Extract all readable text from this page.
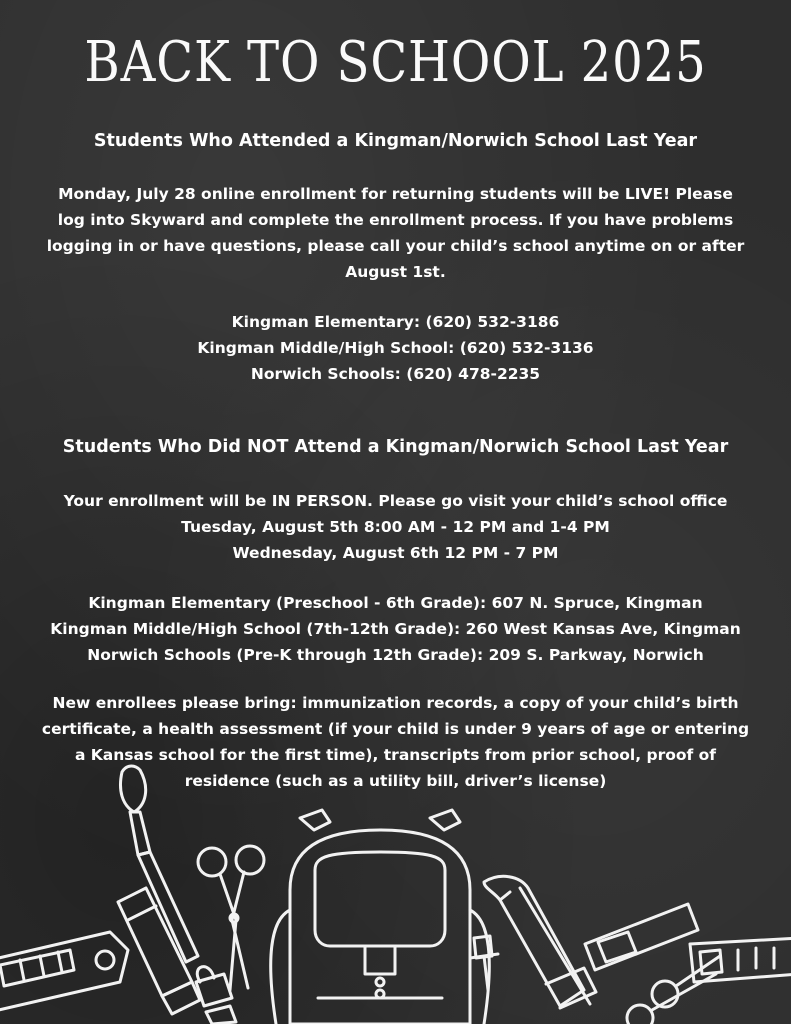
BACK TO SCHOOL 2025
Students Who Attended a Kingman/Norwich School Last Year
Monday, July 28 online enrollment for returning students will be LIVE! Please
log into Skyward and complete the enrollment process. If you have problems
logging in or have questions, please call your child’s school anytime on or after
August 1st.
Kingman Elementary: (620) 532-3186
Kingman Middle/High School: (620) 532-3136
Norwich Schools: (620) 478-2235
Students Who Did NOT Attend a Kingman/Norwich School Last Year
Your enrollment will be IN PERSON. Please go visit your child’s school office
Tuesday, August 5th 8:00 AM - 12 PM and 1-4 PM
Wednesday, August 6th 12 PM - 7 PM
Kingman Elementary (Preschool - 6th Grade): 607 N. Spruce, Kingman
Kingman Middle/High School (7th-12th Grade): 260 West Kansas Ave, Kingman
Norwich Schools (Pre-K through 12th Grade): 209 S. Parkway, Norwich
New enrollees please bring: immunization records, a copy of your child’s birth
certificate, a health assessment (if your child is under 9 years of age or entering
a Kansas school for the first time), transcripts from prior school, proof of
residence (such as a utility bill, driver’s license)
